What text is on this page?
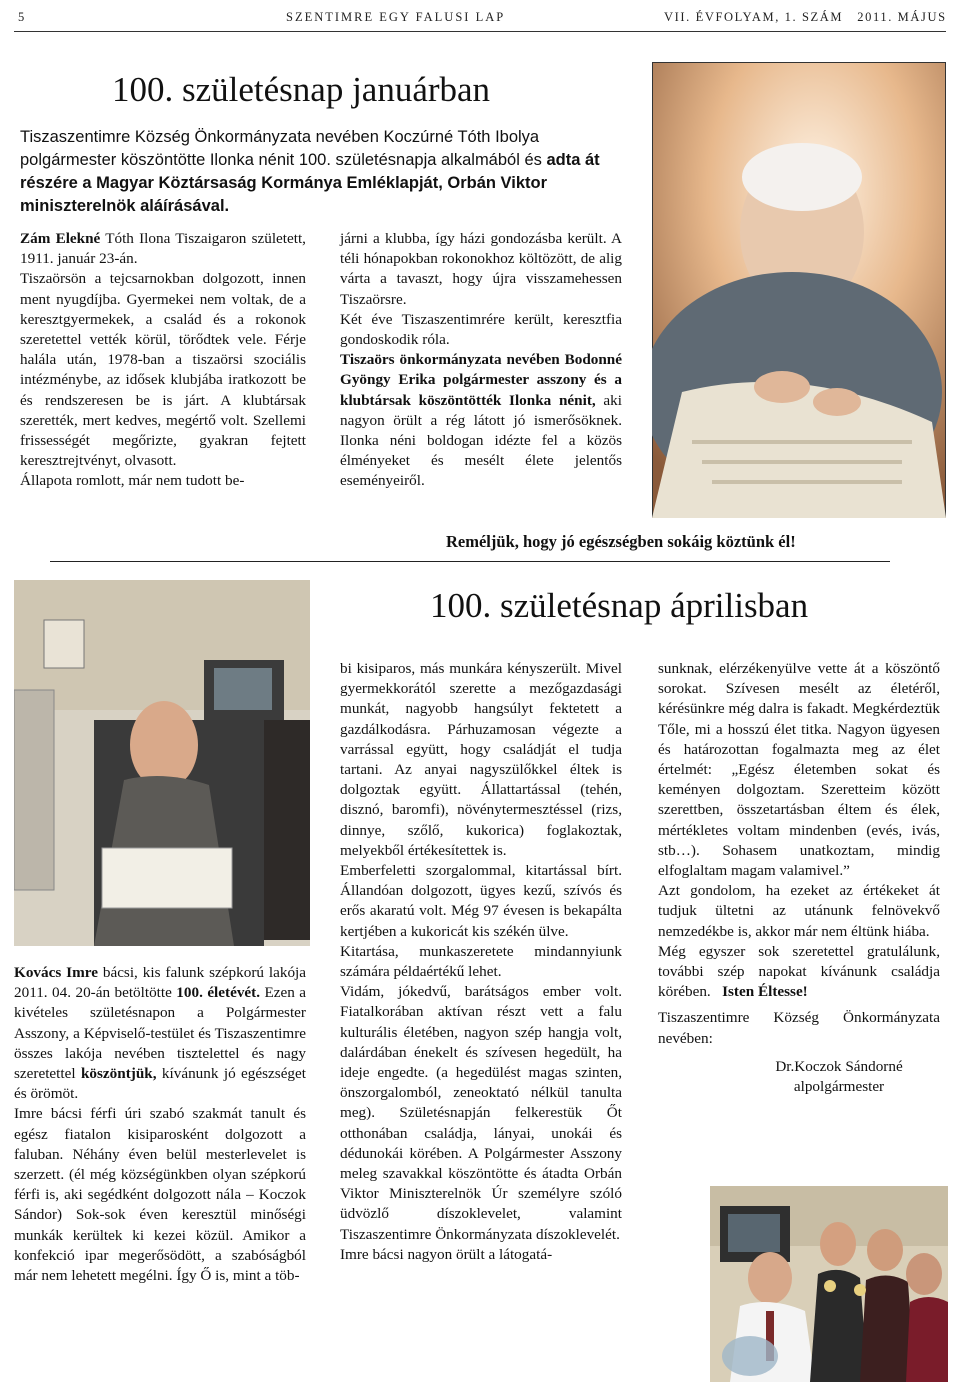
5	SZENTIMRE EGY FALUSI LAP	VII. ÉVFOLYAM, 1. SZÁM   2011. MÁJUS
100. születésnap januárban
Tiszaszentimre Község Önkormányzata nevében Koczúrné Tóth Ibolya polgármester köszöntötte Ilonka nénit 100. születésnapja alkalmából és adta át részére a Magyar Köztársaság Kormánya Emléklapját, Orbán Viktor miniszterelnök aláírásával.

Zám Elekné Tóth Ilona Tiszaigaron született, 1911. január 23-án.

Tiszaörsön a tejcsarnokban dolgozott, innen ment nyugdíjba. Gyermekei nem voltak, de a keresztgyermekek, a család és a rokonok szeretettel vették körül, törődtek vele. Férje halála után, 1978-ban a tiszaörsi szociális intézménybe, az idősek klubjába iratkozott be és rendszeresen be is járt. A klubtársak szerették, mert kedves, megértő volt. Szellemi frissességét megőrizte, gyakran fejtett keresztrejtvényt, olvasott.

Állapota romlott, már nem tudott be-

járni a klubba, így házi gondozásba került. A téli hónapokban rokonokhoz költözött, de alig várta a tavaszt, hogy újra visszamehessen Tiszaörsre.

Két éve Tiszaszentimrére került, keresztfia gondoskodik róla.

Tiszaörs önkormányzata nevében Bodonné Gyöngy Erika polgármester asszony és a klubtársak köszöntötték Ilonka nénit, aki nagyon örült a rég látott jó ismerősöknek. Ilonka néni boldogan idézte fel a közös élményeket és mesélt élete jelentős eseményeiről.

Reméljük, hogy jó egészségben sokáig köztünk él!
100. születésnap áprilisban

Kovács Imre bácsi, kis falunk szépkorú lakója 2011. 04. 20-án betöltötte 100. életévét. Ezen a kivételes születésnapon a Polgármester Asszony, a Képviselő-testület és Tiszaszentimre összes lakója nevében tisztelettel és nagy szeretettel köszöntjük, kívánunk jó egészséget és örömöt.

Imre bácsi férfi úri szabó szakmát tanult és egész fiatalon kisiparosként dolgozott a faluban. Néhány éven belül mesterlevelet is szerzett. (él még községünkben olyan szépkorú férfi is, aki segédként dolgozott nála – Koczok Sándor) Sok-sok éven keresztül minőségi munkák kerültek ki kezei közül. Amikor a konfekció ipar megerősödött, a szabóságból már nem lehetett megélni. Így Ő is, mint a töb-

bi kisiparos, más munkára kényszerült. Mivel gyermekkorától szerette a mezőgazdasági munkát, nagyobb hangsúlyt fektetett a gazdálkodásra. Párhuzamosan végezte a varrással együtt, hogy családját el tudja tartani. Az anyai nagyszülőkkel éltek is dolgoztak együtt. Állattartással (tehén, disznó, baromfi), növénytermesztéssel (rizs, dinnye, szőlő, kukorica) foglakoztak, melyekből értékesítettek is.

Emberfeletti szorgalommal, kitartással bírt. Állandóan dolgozott, ügyes kezű, szívós és erős akaratú volt. Még 97 évesen is bekapálta kertjében a kukoricát kis székén ülve.

Kitartása, munkaszeretete mindannyiunk számára példaértékű lehet.

Vidám, jókedvű, barátságos ember volt. Fiatalkorában aktívan részt vett a falu kulturális életében, nagyon szép hangja volt, dalárdában énekelt és szívesen hegedült, ha ideje engedte. (a hegedülést magas szinten, önszorgalomból, zeneoktató nélkül tanulta meg). Születésnapján felkerestük Őt otthonában családja, lányai, unokái és dédunokái körében. A Polgármester Asszony meleg szavakkal köszöntötte és átadta Orbán Viktor Miniszterelnök Úr személyre szóló üdvözlő díszoklevelet, valamint Tiszaszentimre Önkormányzata díszoklevelét.

Imre bácsi nagyon örült a látogatá-

sunknak, elérzékenyülve vette át a köszöntő sorokat. Szívesen mesélt az életéről, kérésünkre még dalra is fakadt. Megkérdeztük Tőle, mi a hosszú élet titka. Nagyon ügyesen és határozottan fogalmazta meg az élet értelmét: „Egész életemben sokat és keményen dolgoztam. Szeretteim között szerettben, összetartásban éltem és élek, mértékletes voltam mindenben (evés, ivás, stb…). Sohasem unatkoztam, mindig elfoglaltam magam valamivel.”

Azt gondolom, ha ezeket az értékeket át tudjuk ültetni az utánunk felnövekvő nemzedékbe is, akkor már nem éltünk hiába.

Még egyszer sok szeretettel gratulálunk, további szép napokat kívánunk családja körében. Isten Éltesse!

Tiszaszentimre Község Önkormányzata nevében:

Dr.Koczok Sándorné
alpolgármester
